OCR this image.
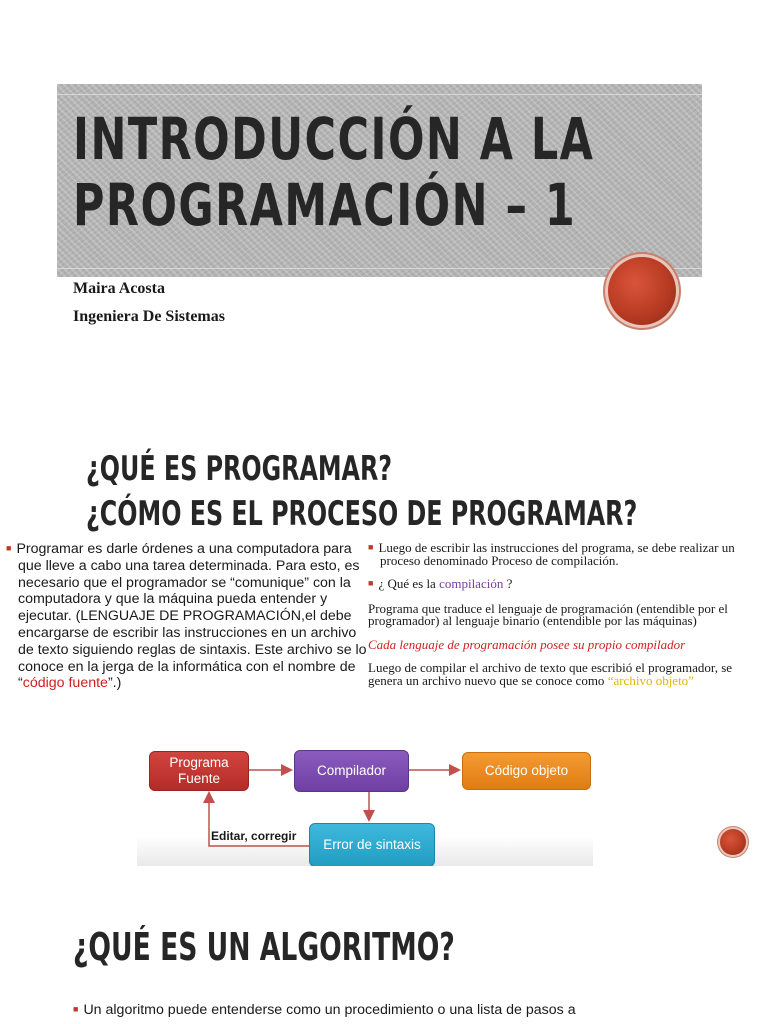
INTRODUCCIÓN A LA
PROGRAMACIÓN – 1
Maira Acosta
Ingeniera De Sistemas
¿QUÉ ES PROGRAMAR?
¿CÓMO ES EL PROCESO DE PROGRAMAR?
■ Programar es darle órdenes a una computadora para que lleve a cabo una tarea determinada. Para esto, es necesario que el programador se “comunique” con la computadora y que la máquina pueda entender y ejecutar. (LENGUAJE DE PROGRAMACIÓN,el debe encargarse de escribir las instrucciones en un archivo de texto siguiendo reglas de sintaxis. Este archivo se lo conoce en la jerga de la informática con el nombre de “código fuente”.)

■ Luego de escribir las instrucciones del programa, se debe realizar un proceso denominado Proceso de compilación.

■ ¿ Qué es la compilación ?

Programa que traduce el lenguaje de programación (entendible por el programador) al lenguaje binario (entendible por las máquinas)

Cada lenguaje de programación posee su propio compilador

Luego de compilar el archivo de texto que escribió el programador, se genera un archivo nuevo que se conoce como “archivo objeto”

Programa Fuente
Compilador	Código objeto
Editar, corregir
Error de sintaxis
¿QUÉ ES UN ALGORITMO?
■ Un algoritmo puede entenderse como un procedimiento o una lista de pasos a
